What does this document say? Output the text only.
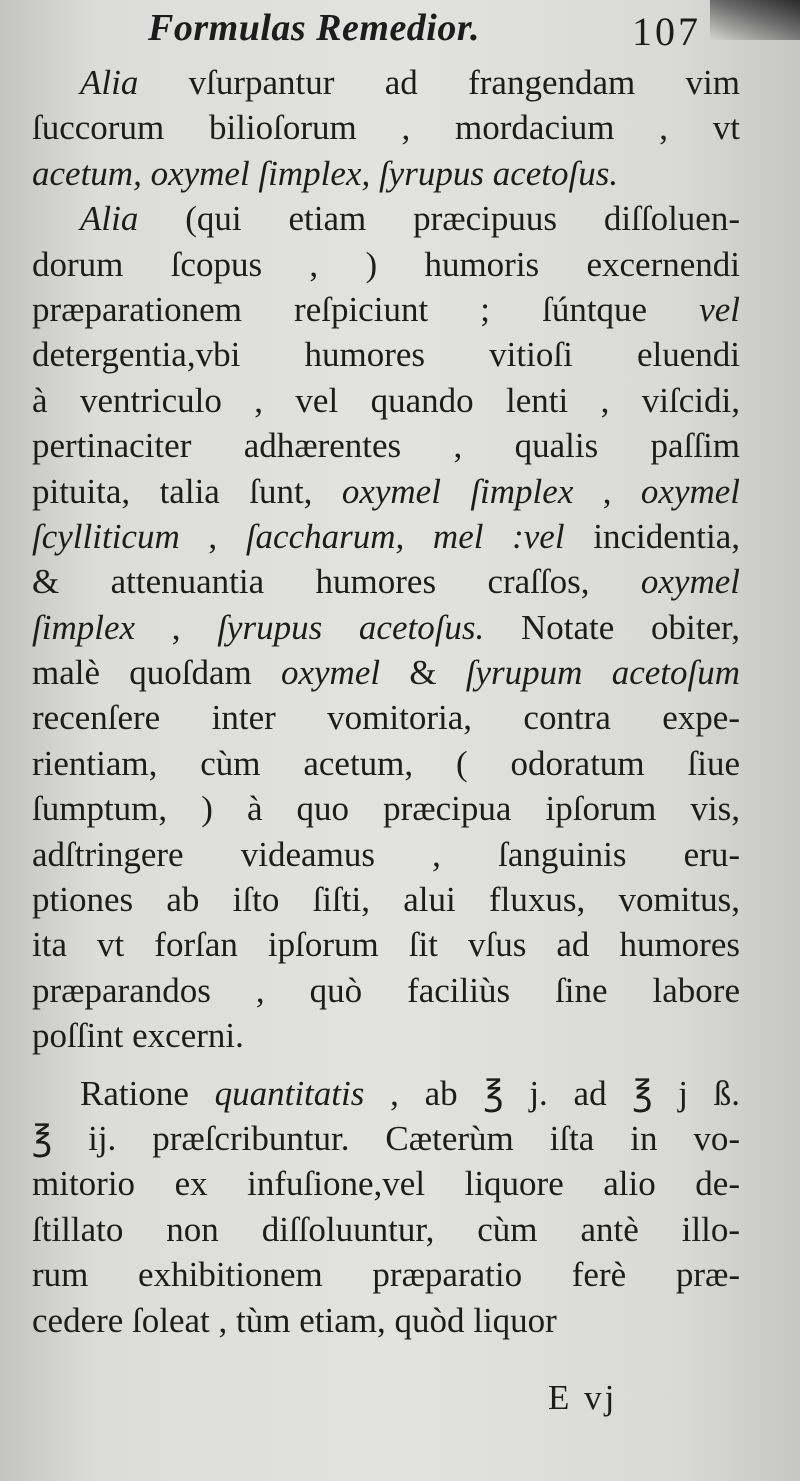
Formulas Remedior.	107
Alia vſurpantur ad frangendam vim
ſuccorum bilioſorum , mordacium , vt
acetum, oxymel ſimplex, ſyrupus acetoſus.
Alia (qui etiam præcipuus diſſoluen-
dorum ſcopus , ) humoris excernendi
præparationem reſpiciunt ; ſúntque vel
detergentia,vbi humores vitioſi eluendi
à ventriculo , vel quando lenti , viſcidi,
pertinaciter adhærentes , qualis paſſim
pituita, talia ſunt, oxymel ſimplex , oxymel
ſcylliticum , ſaccharum, mel :vel incidentia,
& attenuantia humores craſſos, oxymel
ſimplex , ſyrupus acetoſus. Notate obiter,
malè quoſdam oxymel & ſyrupum acetoſum
recenſere inter vomitoria, contra expe-
rientiam, cùm acetum, ( odoratum ſiue
ſumptum, ) à quo præcipua ipſorum vis,
adſtringere videamus , ſanguinis eru-
ptiones ab iſto ſiſti, alui fluxus, vomitus,
ita vt forſan ipſorum ſit vſus ad humores
præparandos , quò faciliùs ſine labore
poſſint excerni.
Ratione quantitatis , ab ℥ j. ad ℥ j ß.
℥ ij. præſcribuntur. Cæterùm iſta in vo-
mitorio ex infuſione,vel liquore alio de-
ſtillato non diſſoluuntur, cùm antè illo-
rum exhibitionem præparatio ferè præ-
cedere ſoleat , tùm etiam, quòd liquor
E vj
